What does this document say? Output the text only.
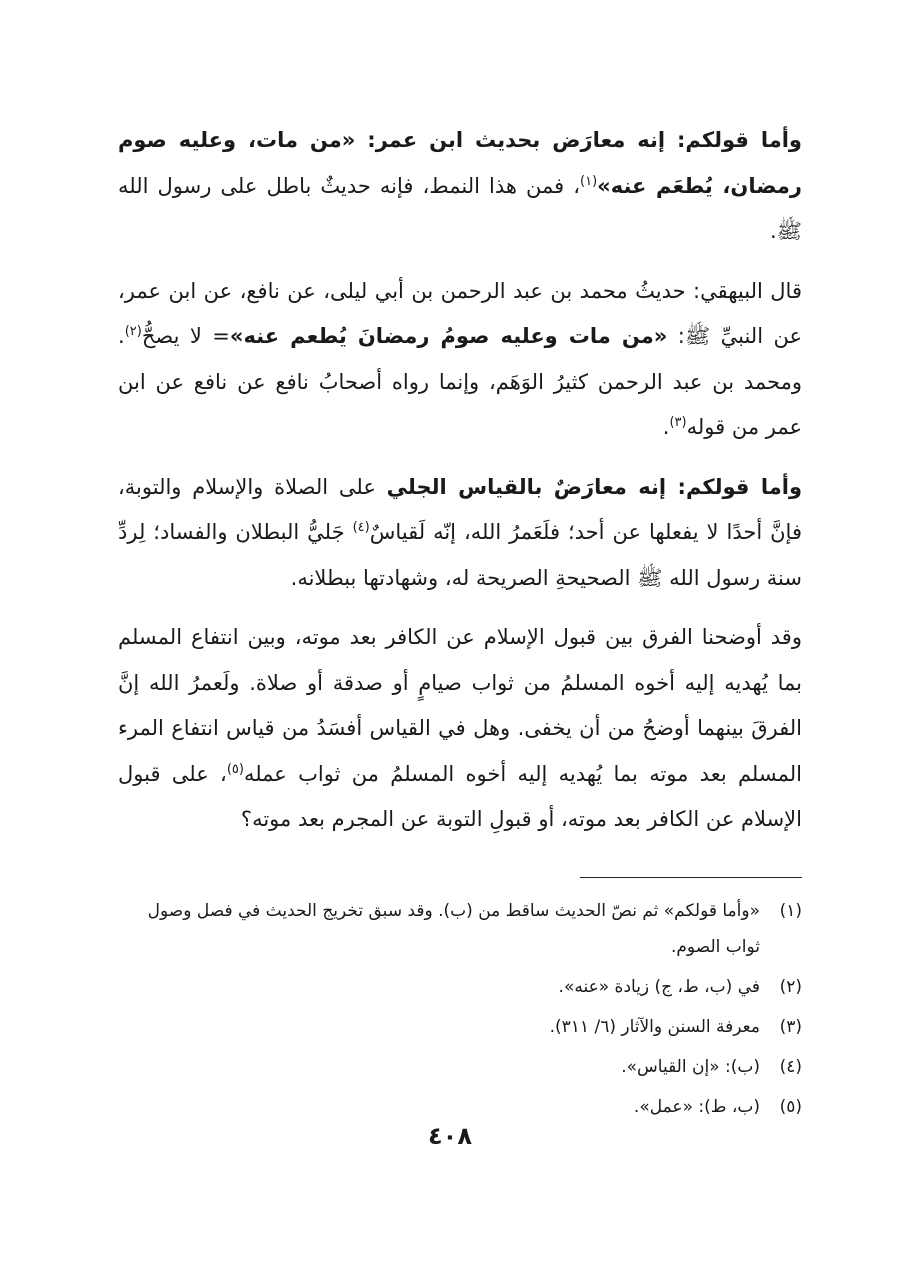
وأما قولكم: إنه معارَض بحديث ابن عمر: «من مات، وعليه صوم رمضان، يُطعَم عنه»$^{(١)}$، فمن هذا النمط، فإنه حديثٌ باطل على رسول الله ﷺ.

قال البيهقي: حديثُ محمد بن عبد الرحمن بن أبي ليلى، عن نافع، عن ابن عمر، عن النبيِّ ﷺ: «من مات وعليه صومُ رمضانَ يُطعم عنه»= لا يصحُّ$^{(٢)}$. ومحمد بن عبد الرحمن كثيرُ الوَهَم، وإنما رواه أصحابُ نافع عن نافع عن ابن عمر من قوله$^{(٣)}$.

وأما قولكم: إنه معارَضٌ بالقياس الجلي على الصلاة والإسلام والتوبة، فإنَّ أحدًا لا يفعلها عن أحد؛ فلَعَمرُ الله، إنّه لَقياسٌ$^{(٤)}$ جَليُّ البطلان والفساد؛ لِردِّ سنة رسول الله ﷺ الصحيحةِ الصريحة له، وشهادتها ببطلانه.

وقد أوضحنا الفرق بين قبول الإسلام عن الكافر بعد موته، وبين انتفاع المسلم بما يُهديه إليه أخوه المسلمُ من ثواب صيامٍ أو صدقة أو صلاة. ولَعمرُ الله إنَّ الفرقَ بينهما أوضحُ من أن يخفى. وهل في القياس أفسَدُ من قياس انتفاع المرء المسلم بعد موته بما يُهديه إليه أخوه المسلمُ من ثواب عمله$^{(٥)}$، على قبول الإسلام عن الكافر بعد موته، أو قبولِ التوبة عن المجرم بعد موته؟

(١)
«وأما قولكم» ثم نصّ الحديث ساقط من (ب). وقد سبق تخريج الحديث في فصل وصول ثواب الصوم.
(٢)
في (ب، ط، ج) زيادة «عنه».
(٣)
معرفة السنن والآثار (٦/ ٣١١).
(٤)
(ب): «إن القياس».
(٥)
(ب، ط): «عمل».
٤٠٨
